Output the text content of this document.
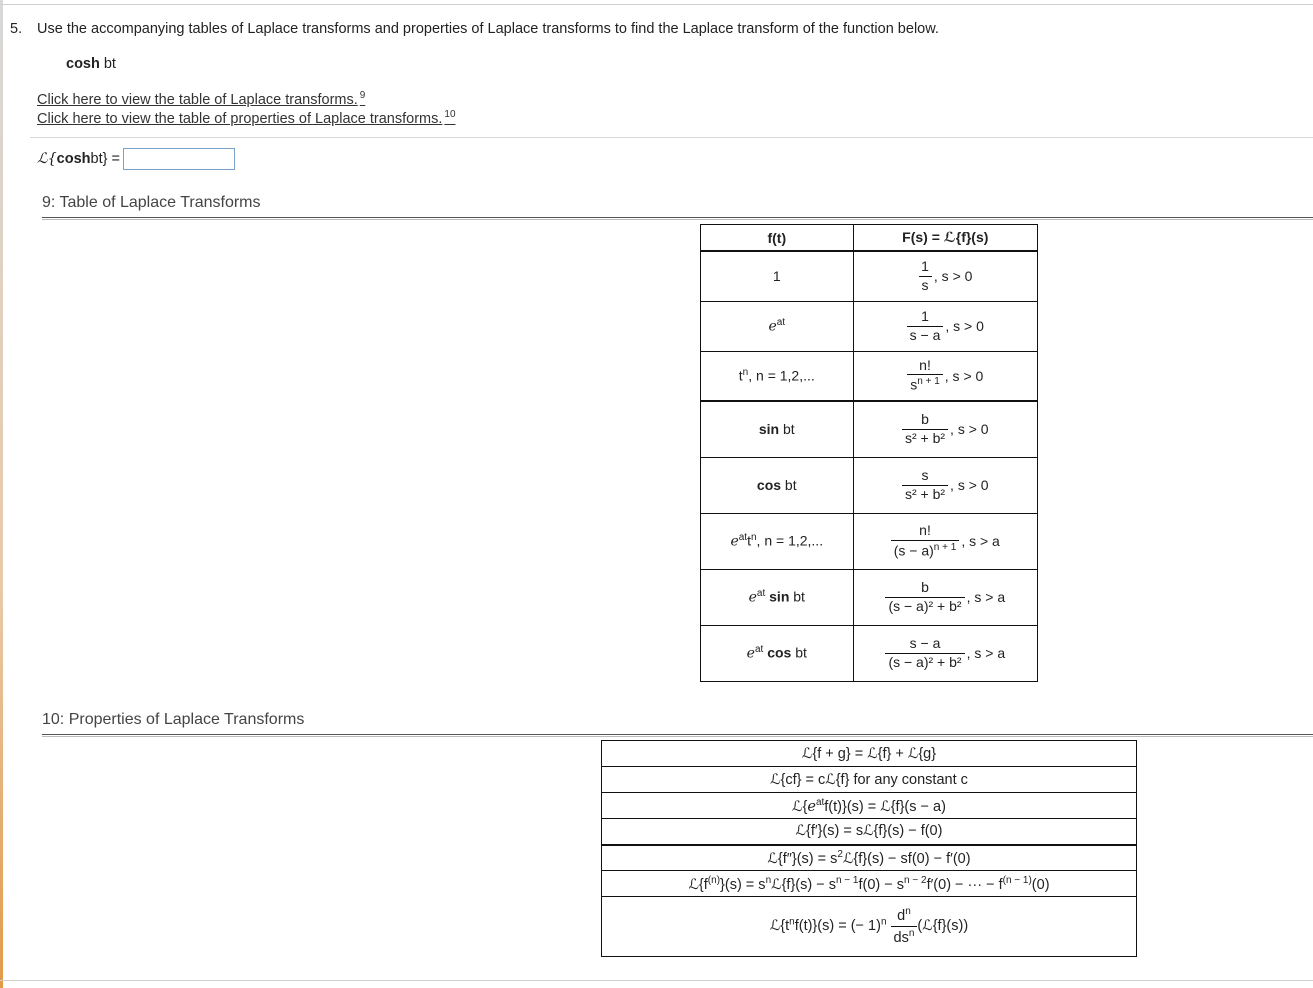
5. Use the accompanying tables of Laplace transforms and properties of Laplace transforms to find the Laplace transform of the function below.
cosh bt
Click here to view the table of Laplace transforms. $^9$
Click here to view the table of properties of Laplace transforms. $^{10}$
ℒ{ cosh bt} =
9: Table of Laplace Transforms
f(t)	F(s) = ℒ{f}(s)
1	$\frac{1}{s}$ , s > 0
$e^{at}$	$\frac{1}{s - a}$ , s > 0
$t^n$, n = 1,2,...	$\frac{n!}{s^{n + 1}}$ , s > 0
sin bt	$\frac{b}{\text{s² + b²}}$ , s > 0
cos bt	$\frac{s}{\text{s² + b²}}$ , s > 0
$e^{at}t^n$, n = 1,2,...	$\frac{n!}{(s - a)^{n + 1}}$ , s > a
$e^{at}$ sin bt	$\frac{b}{\text{(s − a)² + b²}}$ , s > a
$e^{at}$ cos bt	$\frac{s - a}{\text{(s − a)² + b²}}$ , s > a
10: Properties of Laplace Transforms
ℒ{f + g} = ℒ{f} + ℒ{g}
ℒ{cf} = cℒ{f} for any constant c
$ℒ\{e^{at}f(t)\}(s)$ = ℒ{f}(s − a)
ℒ{f′}(s) = sℒ{f}(s) − f(0)
ℒ{f″}(s) = $s^2ℒ\{f\}(s) - sf(0) - f'(0)$
$ℒ\{f^{(n)}\}(s)$ = $s^nℒ\{f\}(s) - s^{n - 1}f(0) - s^{n - 2}f'(0)$ − ··· − $f^{(n - 1)}(0)$
$ℒ\{t^nf(t)\}(s)$ = (− $1)^n \frac{d^n}{ds^n}$ (ℒ{f}(s))
